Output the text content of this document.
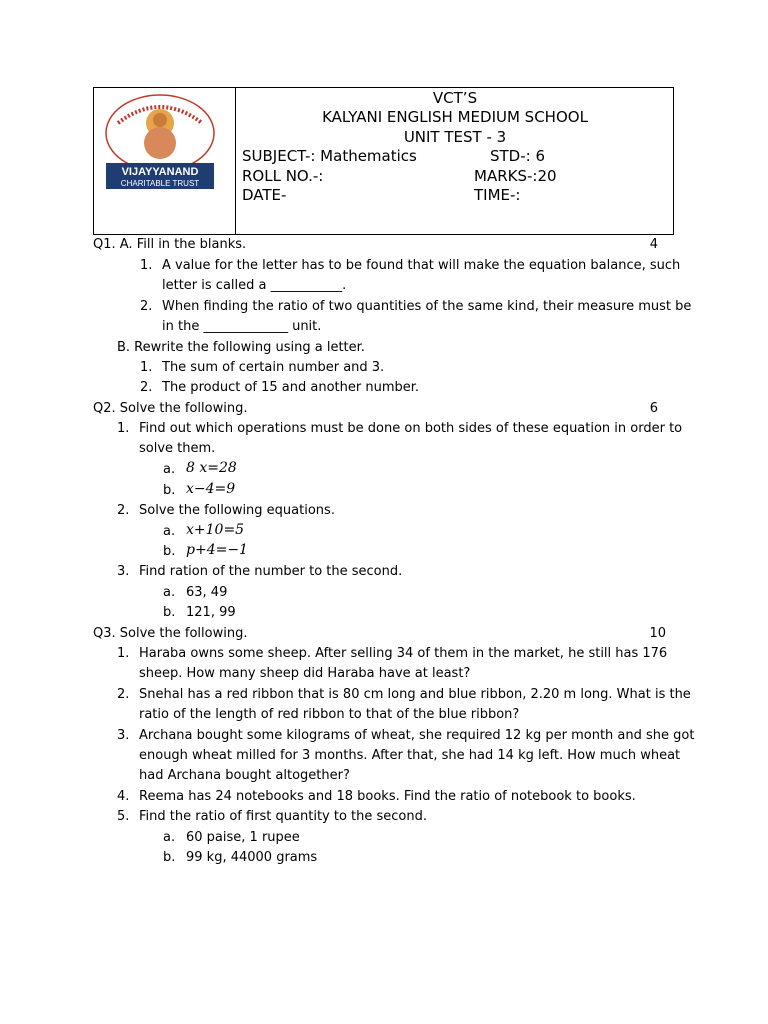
VIJAYYANAND
CHARITABLE TRUST
VCT’S
KALYANI ENGLISH MEDIUM SCHOOL
UNIT TEST - 3
SUBJECT-: Mathematics	STD-: 6
ROLL NO.-:	MARKS-:20
DATE-	TIME-:
Q1. A. Fill in the blanks.	4
1. A value for the letter has to be found that will make the equation balance, such
letter is called a ___________.
2. When finding the ratio of two quantities of the same kind, their measure must be
in the _____________ unit.
B. Rewrite the following using a letter.
1. The sum of certain number and 3.
2. The product of 15 and another number.
Q2. Solve the following.	6
1. Find out which operations must be done on both sides of these equation in order to
solve them.
a. 8 x=28
b. x−4=9
2. Solve the following equations.
a. x+10=5
b. p+4=−1
3. Find ration of the number to the second.
a. 63, 49
b. 121, 99
Q3. Solve the following.	10
1. Haraba owns some sheep. After selling 34 of them in the market, he still has 176
sheep. How many sheep did Haraba have at least?
2. Snehal has a red ribbon that is 80 cm long and blue ribbon, 2.20 m long. What is the
ratio of the length of red ribbon to that of the blue ribbon?
3. Archana bought some kilograms of wheat, she required 12 kg per month and she got
enough wheat milled for 3 months. After that, she had 14 kg left. How much wheat
had Archana bought altogether?
4. Reema has 24 notebooks and 18 books. Find the ratio of notebook to books.
5. Find the ratio of first quantity to the second.
a. 60 paise, 1 rupee
b. 99 kg, 44000 grams
